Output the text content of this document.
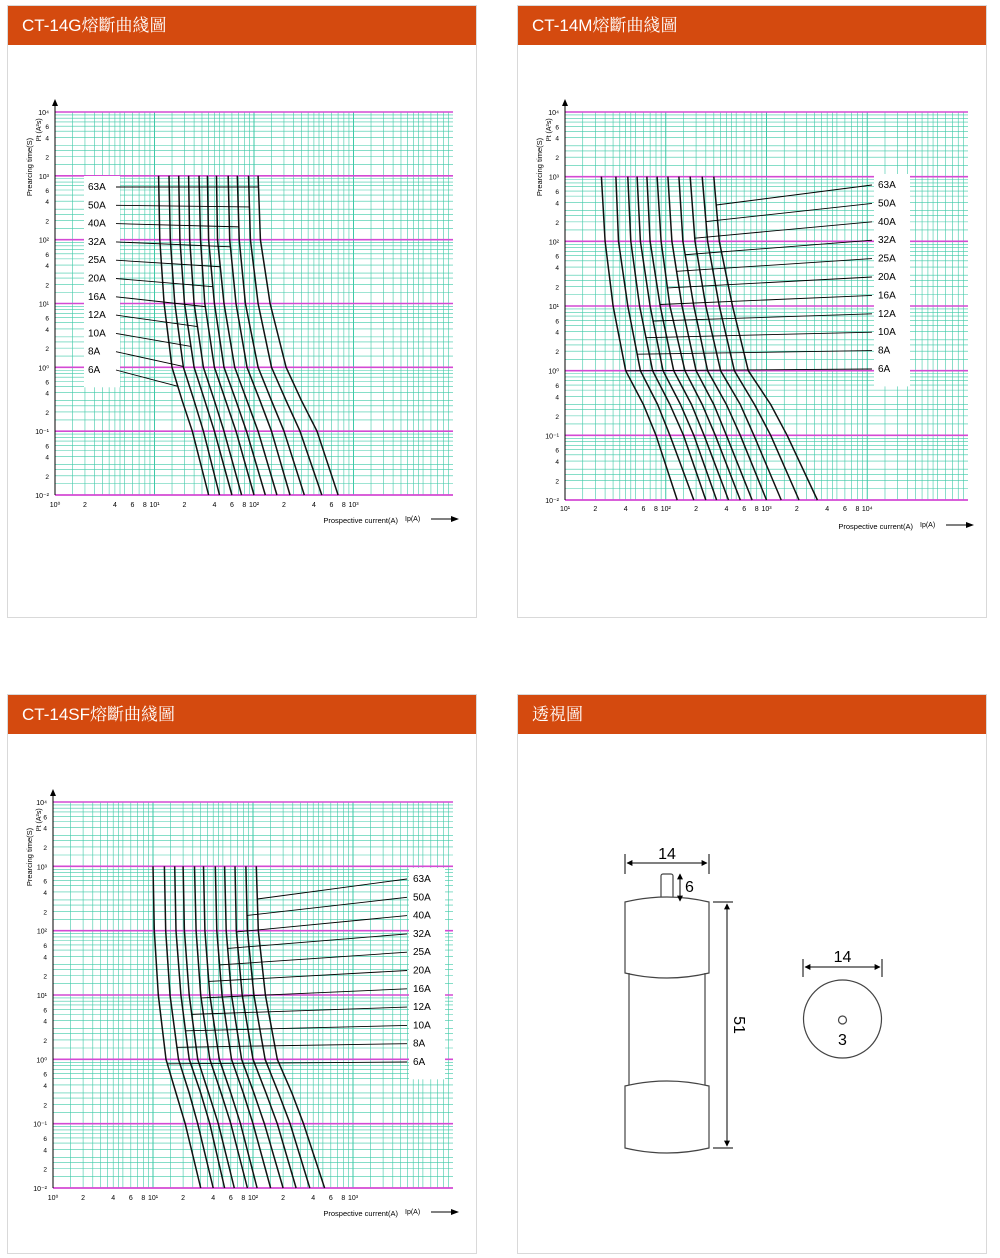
CT-14G熔斷曲綫圖
10⁴
10³
10²
10¹
10⁰
10⁻¹
10⁻²
6
4
2
6
4
2
6
4
2
6
4
2
6
4
2
6
4
2
10⁰	2	4 6 8 10¹	2	4 6 8 10²	2	4 6 8 10³
Prearcing time(S)
I²t (A²s)
Prospective current(A) Ip(A)
63A
50A
40A
32A
25A
20A
16A
12A
10A
8A
6A
CT-14M熔斷曲綫圖
10⁴
10³
10²
10¹
10⁰
10⁻¹
10⁻²
6
4
2
6
4
2
6
4
2
6
4
2
6
4
2
6
4
2
10¹	2	4 6 8 10²	2	4 6 8 10³	2	4 6 8 10⁴
Prearcing time(S)
I²t (A²s)
Prospective current(A) Ip(A)
63A
50A
40A
32A
25A
20A
16A
12A
10A
8A
6A
CT-14SF熔斷曲綫圖
10⁴
10³
10²
10¹
10⁰
10⁻¹
10⁻²
6
4
2
6
4
2
6
4
2
6
4
2
6
4
2
6
4
2
10⁰	2	4 6 8 10¹	2	4 6 8 10²	2	4 6 8 10³
Prearcing time(S)
I²t (A²s)
Prospective current(A) Ip(A)
63A
50A
40A
32A
25A
20A
16A
12A
10A
8A
6A
透視圖
14
6
51
14
3
